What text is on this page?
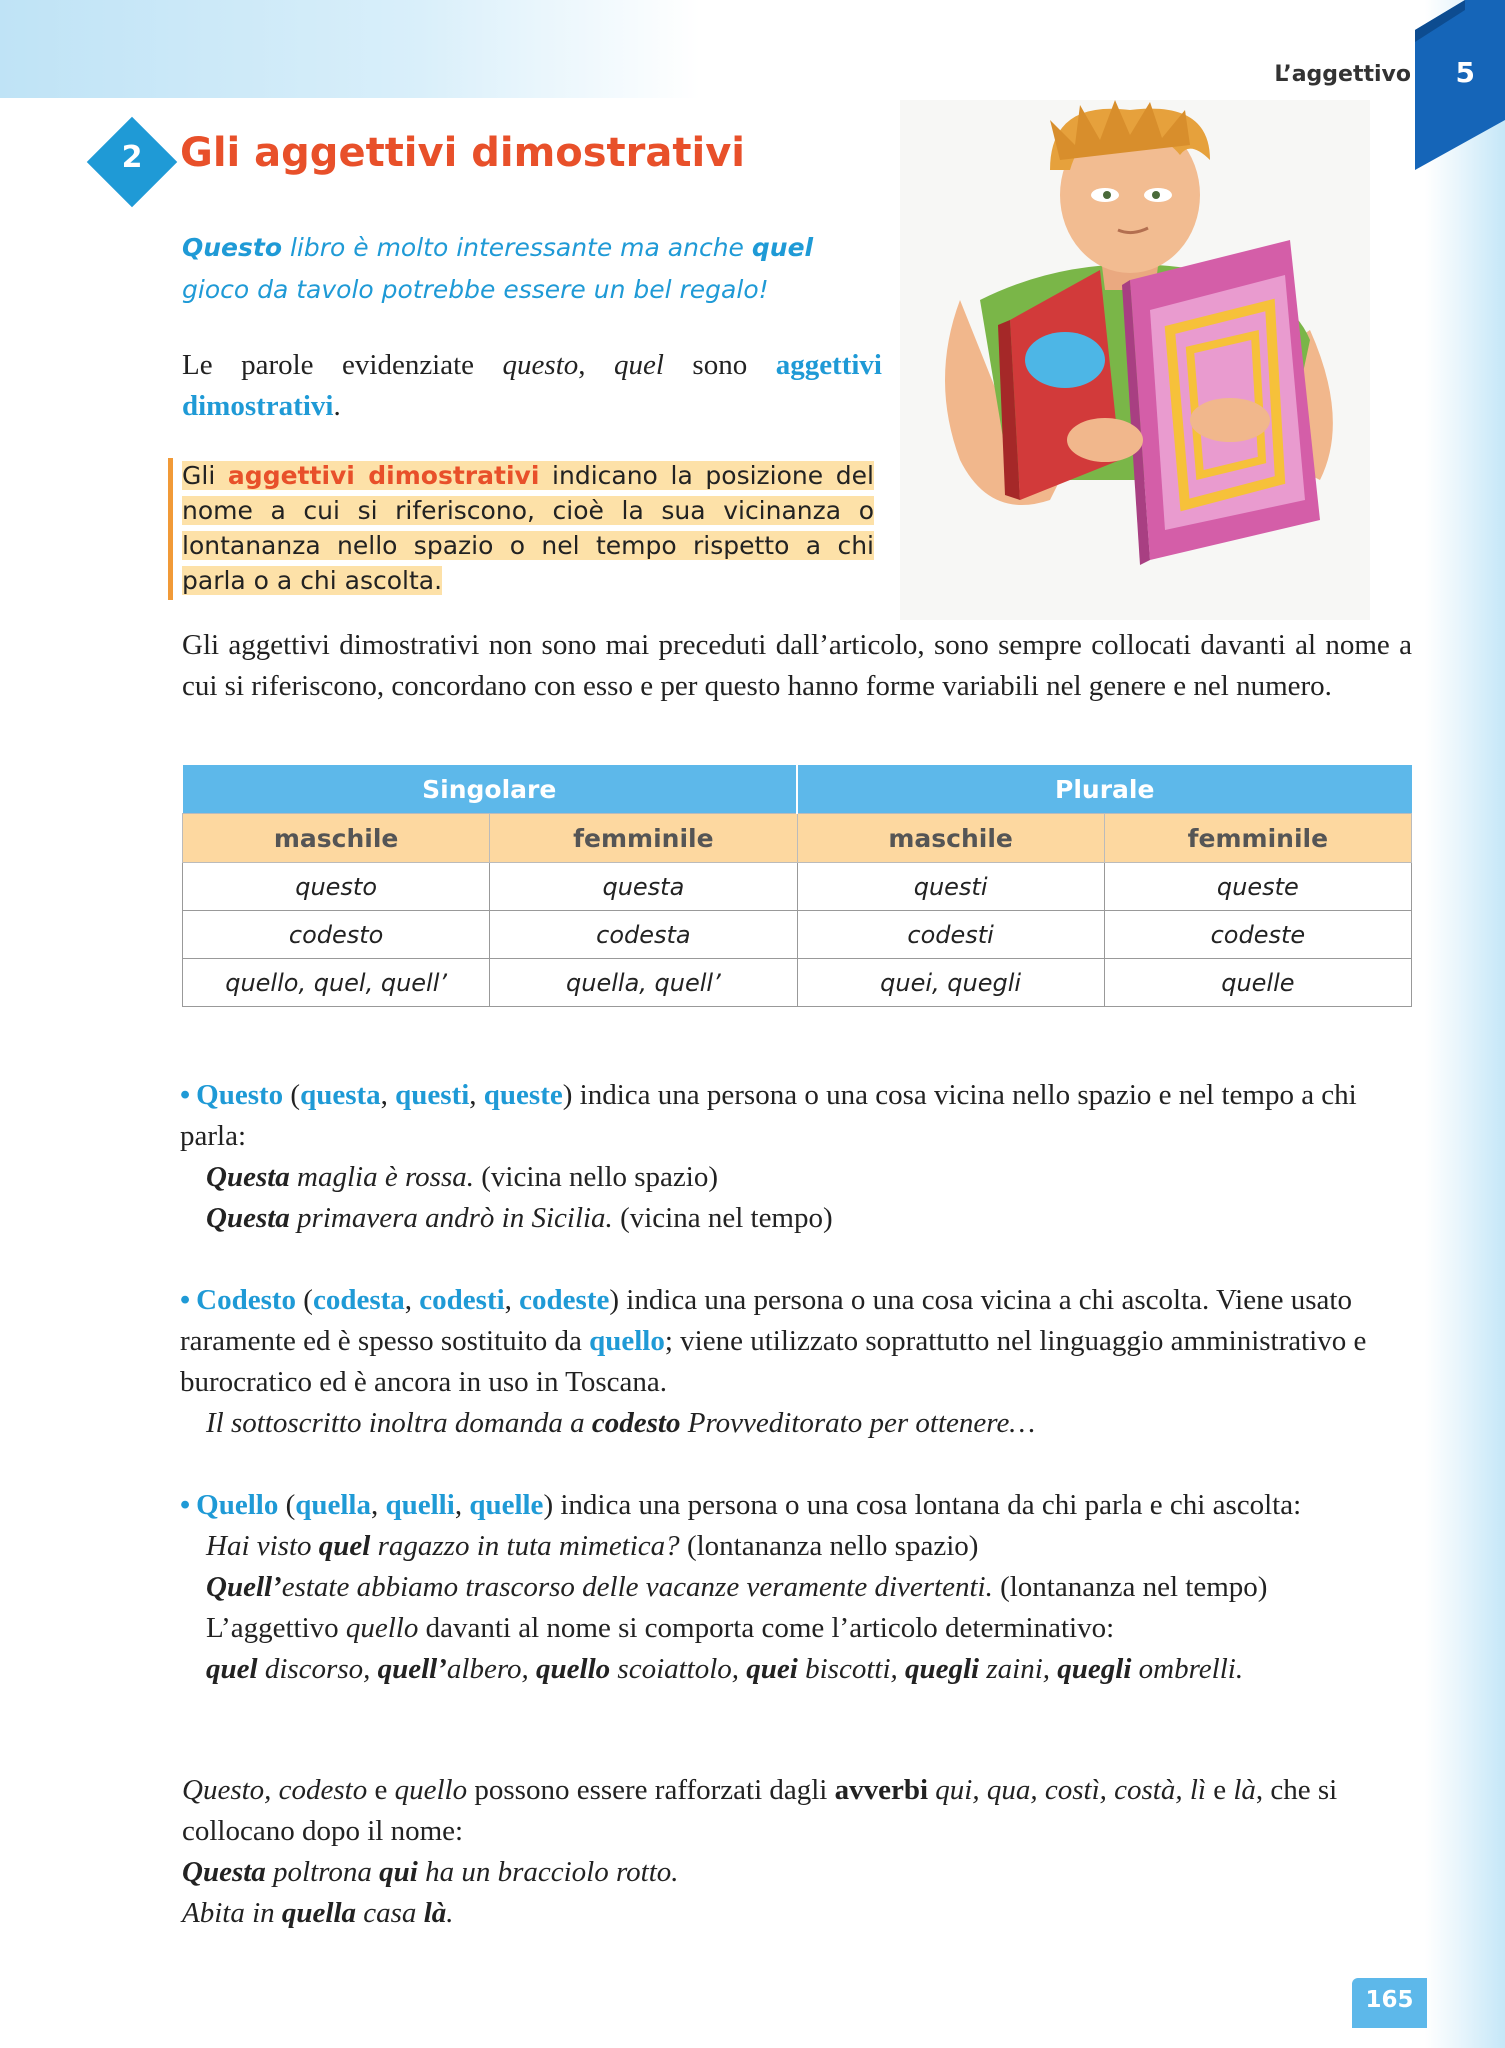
L’aggettivo 5
2 Gli aggettivi dimostrativi
Questo libro è molto interessante ma anche quel gioco da tavolo potrebbe essere un bel regalo!
Le parole evidenziate questo, quel sono aggettivi dimostrativi.
Gli aggettivi dimostrativi indicano la posizione del nome a cui si riferiscono, cioè la sua vicinanza o lontananza nello spazio o nel tempo rispetto a chi parla o a chi ascolta.
Gli aggettivi dimostrativi non sono mai preceduti dall’articolo, sono sempre collocati davanti al nome a cui si riferiscono, concordano con esso e per questo hanno forme variabili nel genere e nel numero.
Singolare		Plurale	
maschile	femminile	maschile	femminile
questo	questa	questi	queste
codesto	codesta	codesti	codeste
quello, quel, quell’	quella, quell’	quei, quegli	quelle
• Questo (questa, questi, queste) indica una persona o una cosa vicina nello spazio e nel tempo a chi parla:
Questa maglia è rossa. (vicina nello spazio)
Questa primavera andrò in Sicilia. (vicina nel tempo)
• Codesto (codesta, codesti, codeste) indica una persona o una cosa vicina a chi ascolta. Viene usato raramente ed è spesso sostituito da quello; viene utilizzato soprattutto nel linguaggio amministrativo e burocratico ed è ancora in uso in Toscana.
Il sottoscritto inoltra domanda a codesto Provveditorato per ottenere…
• Quello (quella, quelli, quelle) indica una persona o una cosa lontana da chi parla e chi ascolta:
Hai visto quel ragazzo in tuta mimetica? (lontananza nello spazio)
Quell’estate abbiamo trascorso delle vacanze veramente divertenti. (lontananza nel tempo)
L’aggettivo quello davanti al nome si comporta come l’articolo determinativo:
quel discorso, quell’albero, quello scoiattolo, quei biscotti, quegli zaini, quegli ombrelli.
Questo, codesto e quello possono essere rafforzati dagli avverbi qui, qua, costì, costà, lì e là, che si collocano dopo il nome:
Questa poltrona qui ha un bracciolo rotto.
Abita in quella casa là.
165
